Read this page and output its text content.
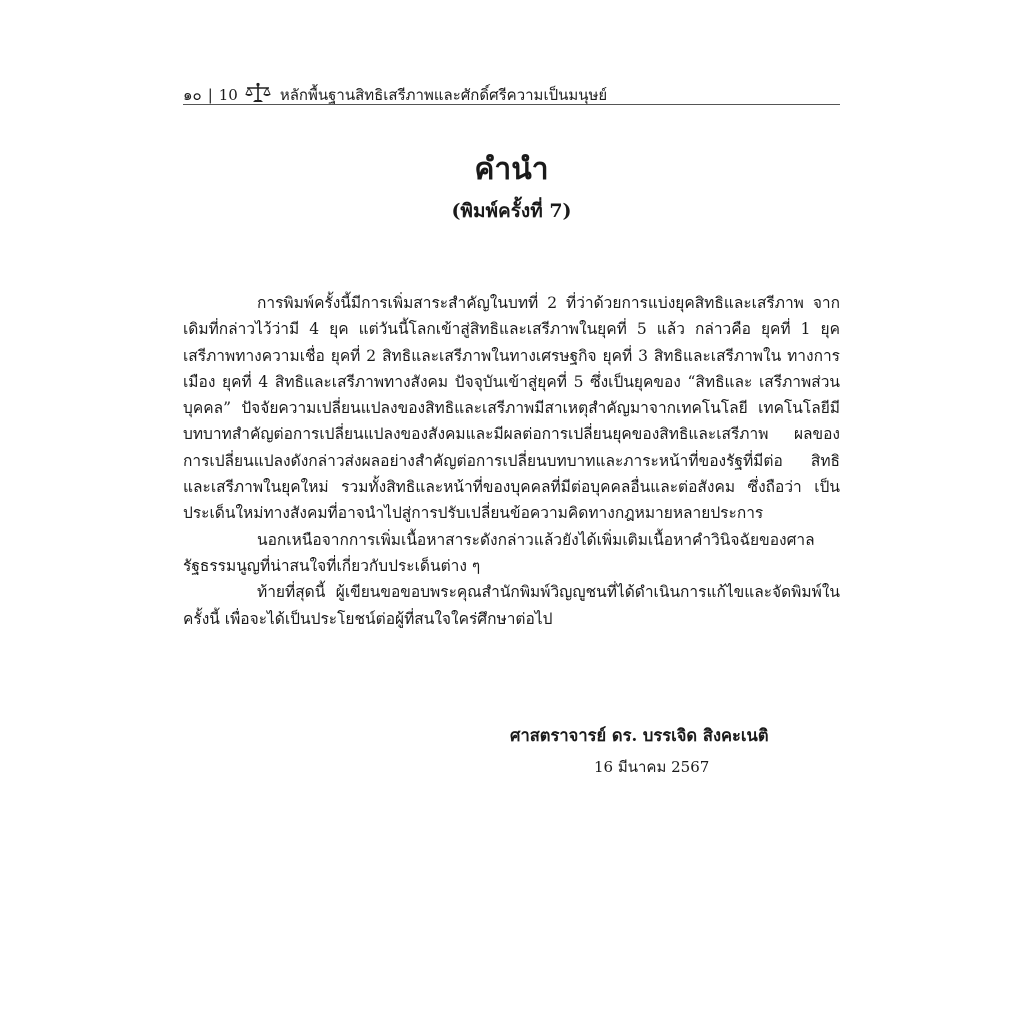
๑๐ | 10	หลักพื้นฐานสิทธิเสรีภาพและศักดิ์ศรีความเป็นมนุษย์
คำนำ
(พิมพ์ครั้งที่ 7)

การพิมพ์ครั้งนี้มีการเพิ่มสาระสำคัญในบทที่ 2 ที่ว่าด้วยการแบ่งยุคสิทธิและเสรีภาพ จากเดิมที่กล่าวไว้ว่ามี 4 ยุค แต่วันนี้โลกเข้าสู่สิทธิและเสรีภาพในยุคที่ 5 แล้ว กล่าวคือ ยุคที่ 1 ยุคเสรีภาพทางความเชื่อ ยุคที่ 2 สิทธิและเสรีภาพในทางเศรษฐกิจ ยุคที่ 3 สิทธิและเสรีภาพใน ทางการเมือง ยุคที่ 4 สิทธิและเสรีภาพทางสังคม ปัจจุบันเข้าสู่ยุคที่ 5 ซึ่งเป็นยุคของ “สิทธิและ เสรีภาพส่วนบุคคล” ปัจจัยความเปลี่ยนแปลงของสิทธิและเสรีภาพมีสาเหตุสำคัญมาจากเทคโนโลยี เทคโนโลยีมีบทบาทสำคัญต่อการเปลี่ยนแปลงของสังคมและมีผลต่อการเปลี่ยนยุคของสิทธิและเสรีภาพ ผลของการเปลี่ยนแปลงดังกล่าวส่งผลอย่างสำคัญต่อการเปลี่ยนบทบาทและภาระหน้าที่ของรัฐที่มีต่อ สิทธิและเสรีภาพในยุคใหม่ รวมทั้งสิทธิและหน้าที่ของบุคคลที่มีต่อบุคคลอื่นและต่อสังคม ซึ่งถือว่า เป็นประเด็นใหม่ทางสังคมที่อาจนำไปสู่การปรับเปลี่ยนข้อความคิดทางกฎหมายหลายประการ

นอกเหนือจากการเพิ่มเนื้อหาสาระดังกล่าวแล้วยังได้เพิ่มเติมเนื้อหาคำวินิจฉัยของศาล รัฐธรรมนูญที่น่าสนใจที่เกี่ยวกับประเด็นต่าง ๆ

ท้ายที่สุดนี้ ผู้เขียนขอขอบพระคุณสำนักพิมพ์วิญญูชนที่ได้ดำเนินการแก้ไขและจัดพิมพ์ใน ครั้งนี้ เพื่อจะได้เป็นประโยชน์ต่อผู้ที่สนใจใคร่ศึกษาต่อไป

ศาสตราจารย์ ดร. บรรเจิด สิงคะเนติ
16 มีนาคม 2567
